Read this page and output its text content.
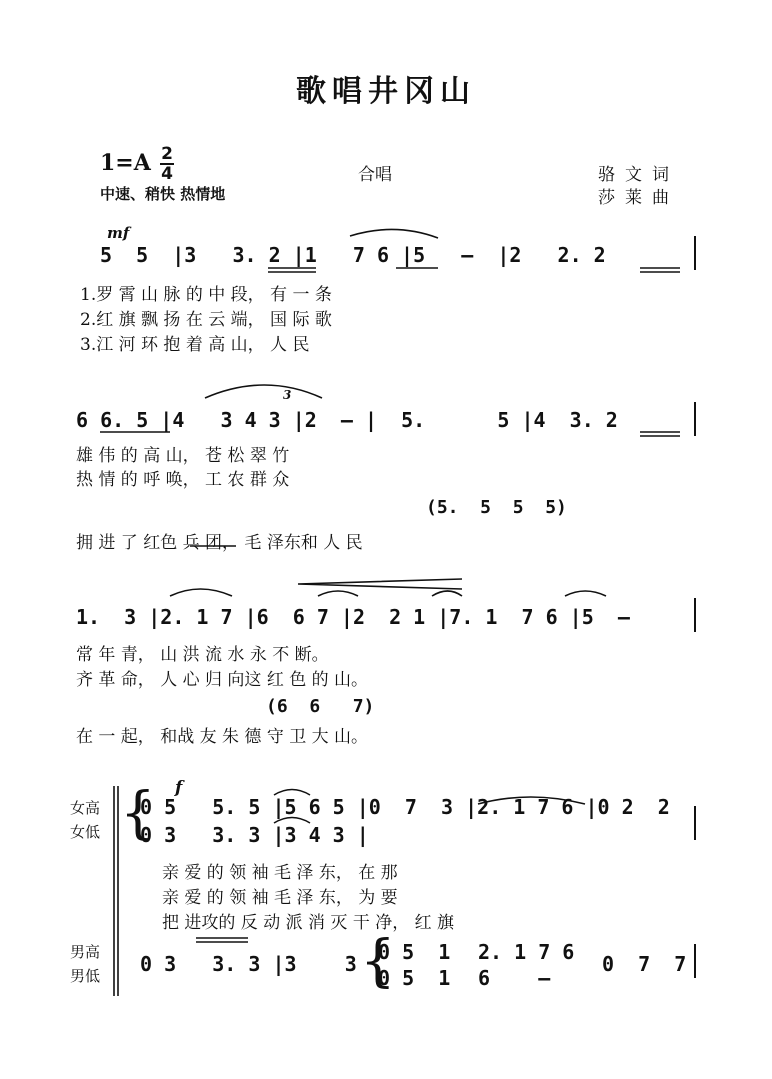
歌唱井冈山
1=A 2
4	合唱
中速、稍快 热情地
骆文词
莎莱曲
mf
5  5  |3   3. 2 |1   7 6 |5   –  |2   2. 2
1.罗 霄 山 脉 的 中 段， 有 一 条
2.红 旗 飘 扬 在 云 端， 国 际 歌
3.江 河 环 抱 着 高 山， 人 民
3
6 6. 5 |4   3 4 3 |2  – |  5.      5 |4  3. 2
雄 伟 的 高 山， 苍 松 翠 竹
热 情 的 呼 唤， 工 农 群 众
(5.  5  5  5)
拥 进 了 红色 兵 团， 毛 泽东和 人 民
1.  3 |2. 1 7 |6  6 7 |2  2 1 |7. 1  7 6 |5  –
常 年 青， 山 洪 流 水 永 不 断。
齐 革 命， 人 心 归 向这 红 色 的 山。
(6  6   7)
在 一 起， 和战 友 朱 德 守 卫 大 山。
女高
女低
男高
男低
f
{
0 5   5. 5 |5 6 5 |0  7  3 |2. 1 7 6 |0 2  2
0 3   3. 3 |3 4 3 |
亲 爱 的 领 袖 毛 泽 东， 在 那
亲 爱 的 领 袖 毛 泽 东， 为 要
把 进攻的 反 动 派 消 灭 干 净， 红 旗
0 3   3. 3 |3    3 {
0 5  1
0 5  1
2. 1 7 6
6    –
0  7  7
